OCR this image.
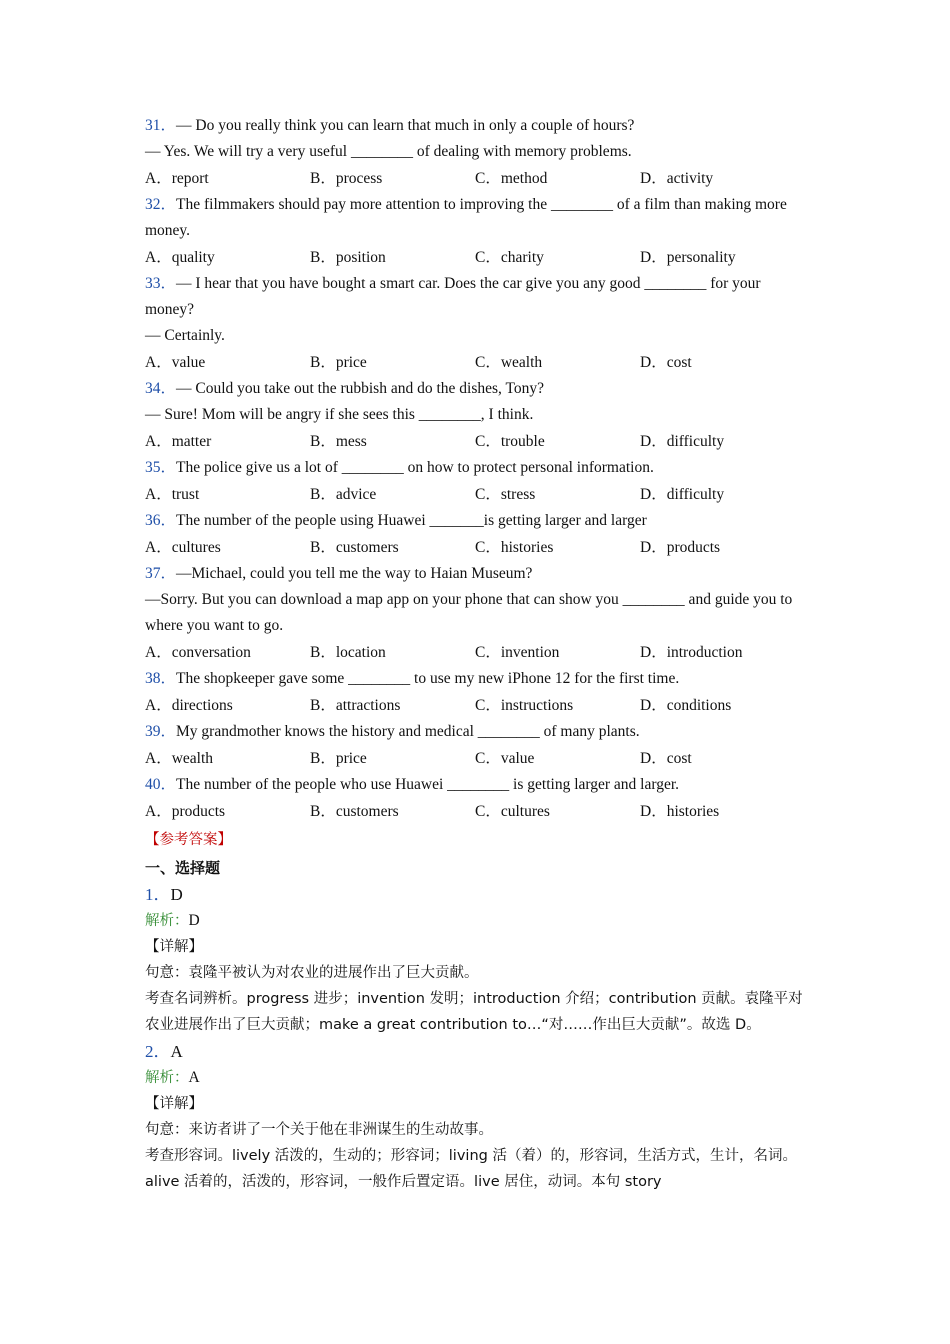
31．— Do you really think you can learn that much in only a couple of hours?
— Yes. We will try a very useful ________ of dealing with memory problems.
A．report	B．process	C．method	D．activity
32．The filmmakers should pay more attention to improving the ________ of a film than making more money.
A．quality	B．position	C．charity	D．personality
33．— I hear that you have bought a smart car. Does the car give you any good ________ for your money?
— Certainly.
A．value	B．price	C．wealth	D．cost
34．— Could you take out the rubbish and do the dishes, Tony?
— Sure! Mom will be angry if she sees this ________, I think.
A．matter	B．mess	C．trouble	D．difficulty
35．The police give us a lot of ________ on how to protect personal information.
A．trust	B．advice	C．stress	D．difficulty
36．The number of the people using Huawei _______is getting larger and larger
A．cultures	B．customers	C．histories	D．products
37．—Michael, could you tell me the way to Haian Museum?
—Sorry. But you can download a map app on your phone that can show you ________ and guide you to where you want to go.
A．conversation	B．location	C．invention	D．introduction
38．The shopkeeper gave some ________ to use my new iPhone 12 for the first time.
A．directions	B．attractions	C．instructions	D．conditions
39．My grandmother knows the history and medical ________ of many plants.
A．wealth	B．price	C．value	D．cost
40．The number of the people who use Huawei ________ is getting larger and larger.
A．products	B．customers	C．cultures	D．histories
【参考答案】
一、选择题
1．D
解析：D
【详解】
句意：袁隆平被认为对农业的进展作出了巨大贡献。
考查名词辨析。progress 进步；invention 发明；introduction 介绍；contribution 贡献。袁隆平对农业进展作出了巨大贡献；make a great contribution to…“对……作出巨大贡献”。故选 D。
2．A
解析：A
【详解】
句意：来访者讲了一个关于他在非洲谋生的生动故事。
考查形容词。lively 活泼的，生动的；形容词；living 活（着）的，形容词，生活方式，生计，名词。 alive 活着的，活泼的，形容词，一般作后置定语。live 居住，动词。本句 story
